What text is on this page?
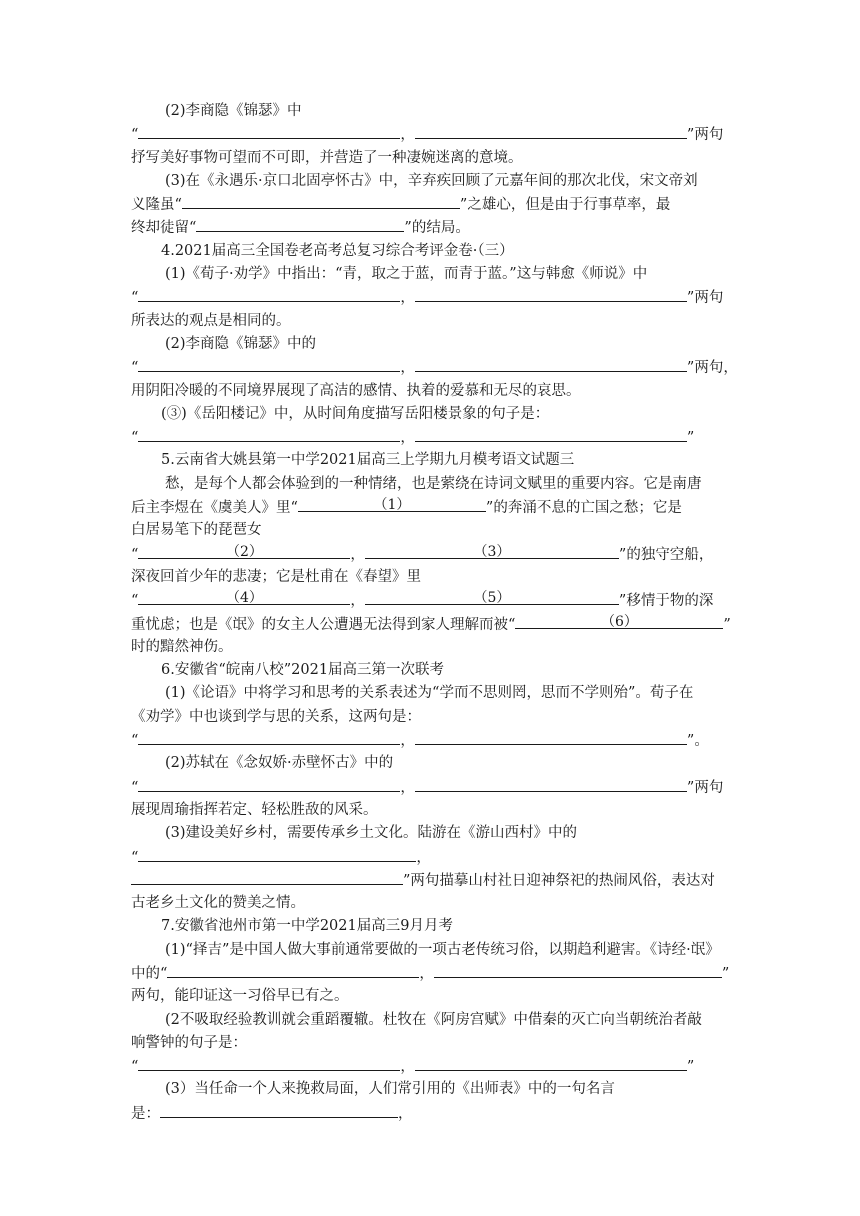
(2)李商隐《锦瑟》中
“	，	”两句
抒写美好事物可望而不可即，并营造了一种凄婉迷离的意境。
(3)在《永遇乐·京口北固亭怀古》中，辛弃疾回顾了元嘉年间的那次北伐，宋文帝刘
义隆虽“	”之雄心，但是由于行事草率，最
终却徒留“	”的结局。
4.2021届高三全国卷老高考总复习综合考评金卷·（三）
(1)《荀子·劝学》中指出：“青，取之于蓝，而青于蓝。”这与韩愈《师说》中
“	，	”两句
所表达的观点是相同的。
(2)李商隐《锦瑟》中的
“	，	”两句，
用阴阳冷暖的不同境界展现了高洁的感情、执着的爱慕和无尽的哀思。
(③)《岳阳楼记》中，从时间角度描写岳阳楼景象的句子是：
“	，	”
5.云南省大姚县第一中学2021届高三上学期九月模考语文试题三
愁，是每个人都会体验到的一种情绪，也是萦绕在诗词文赋里的重要内容。它是南唐
后主李煜在《虞美人》里“	（1）	”的奔涌不息的亡国之愁；它是
白居易笔下的琵琶女
“	（2）	，	（3）	”的独守空船，
深夜回首少年的悲凄；它是杜甫在《春望》里
“	（4）	，	（5）	”移情于物的深
重忧虑；也是《氓》的女主人公遭遇无法得到家人理解而被“	（6）	”
时的黯然神伤。
6.安徽省“皖南八校”2021届高三第一次联考
(1)《论语》中将学习和思考的关系表述为“学而不思则罔，思而不学则殆”。荀子在
《劝学》中也谈到学与思的关系，这两句是：
“	，	”。
(2)苏轼在《念奴娇·赤壁怀古》中的
“	，	”两句
展现周瑜指挥若定、轻松胜敌的风采。
(3)建设美好乡村，需要传承乡土文化。陆游在《游山西村》中的
“	，
”两句描摹山村社日迎神祭祀的热闹风俗，表达对
古老乡土文化的赞美之情。
7.安徽省池州市第一中学2021届高三9月月考
(1)“择吉”是中国人做大事前通常要做的一项古老传统习俗，以期趋利避害。《诗经·氓》
中的“	，	”
两句，能印证这一习俗早已有之。
(2不吸取经验教训就会重蹈覆辙。杜牧在《阿房宫赋》中借秦的灭亡向当朝统治者敲
响警钟的句子是：
“	，	”
(3）当任命一个人来挽救局面，人们常引用的《出师表》中的一句名言
是：	，
